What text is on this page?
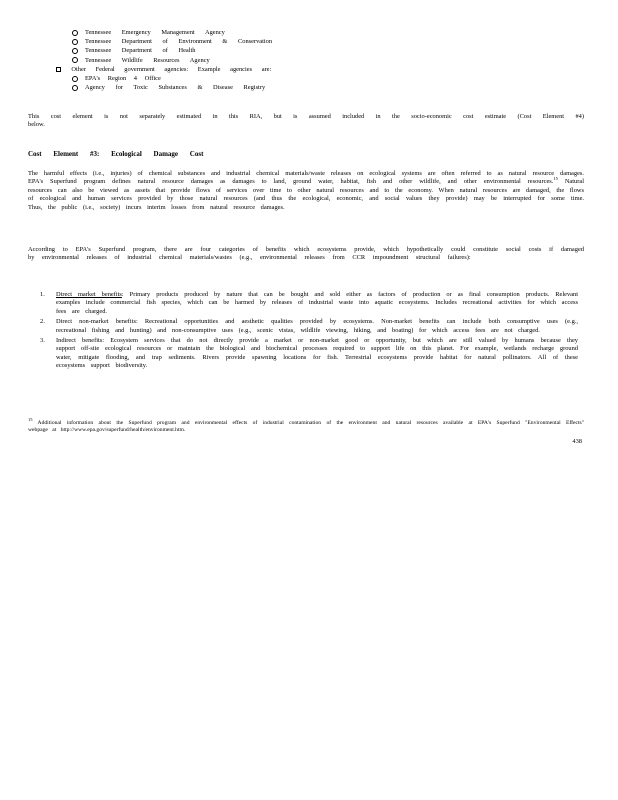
Tennessee Emergency Management Agency
Tennessee Department of Environment & Conservation
Tennessee Department of Health
Tennessee Wildlife Resources Agency
Other Federal government agencies: Example agencies are:
EPA's Region 4 Office
Agency for Toxic Substances & Disease Registry
This cost element is not separately estimated in this RIA, but is assumed included in the socio-economic cost estimate (Cost Element #4) below.
Cost Element #3: Ecological Damage Cost
The harmful effects (i.e., injuries) of chemical substances and industrial chemical materials/waste releases on ecological systems are often referred to as natural resource damages. EPA's Superfund program defines natural resource damages as damages to land, ground water, habitat, fish and other wildlife, and other environmental resources.$^{15}$ Natural resources can also be viewed as assets that provide flows of services over time to other natural resources and to the economy. When natural resources are damaged, the flows of ecological and human services provided by those natural resources (and thus the ecological, economic, and social values they provide) may be interrupted for some time. Thus, the public (i.e., society) incurs interim losses from natural resource damages.
According to EPA's Superfund program, there are four categories of benefits which ecosystems provide, which hypothetically could constitute social costs if damaged by environmental releases of industrial chemical materials/wastes (e.g., environmental releases from CCR impoundment structural failures):
1.	Direct market benefits: Primary products produced by nature that can be bought and sold either as factors of production or as final consumption products. Relevant examples include commercial fish species, which can be harmed by releases of industrial waste into aquatic ecosystems. Includes recreational activities for which access fees are charged.
2.	Direct non-market benefits: Recreational opportunities and aesthetic qualities provided by ecosystems. Non-market benefits can include both consumptive uses (e.g., recreational fishing and hunting) and non-consumptive uses (e.g., scenic vistas, wildlife viewing, hiking, and boating) for which access fees are not charged.
3.	Indirect benefits: Ecosystem services that do not directly provide a market or non-market good or opportunity, but which are still valued by humans because they support off-site ecological resources or maintain the biological and biochemical processes required to support life on this planet. For example, wetlands recharge ground water, mitigate flooding, and trap sediments. Rivers provide spawning locations for fish. Terrestrial ecosystems provide habitat for natural pollinators. All of these ecosystems support biodiversity.
$^{15}$ Additional information about the Superfund program and environmental effects of industrial contamination of the environment and natural resources available at EPA's Superfund "Environmental Effects" webpage at http://www.epa.gov/superfund/health/environment.htm.
438
